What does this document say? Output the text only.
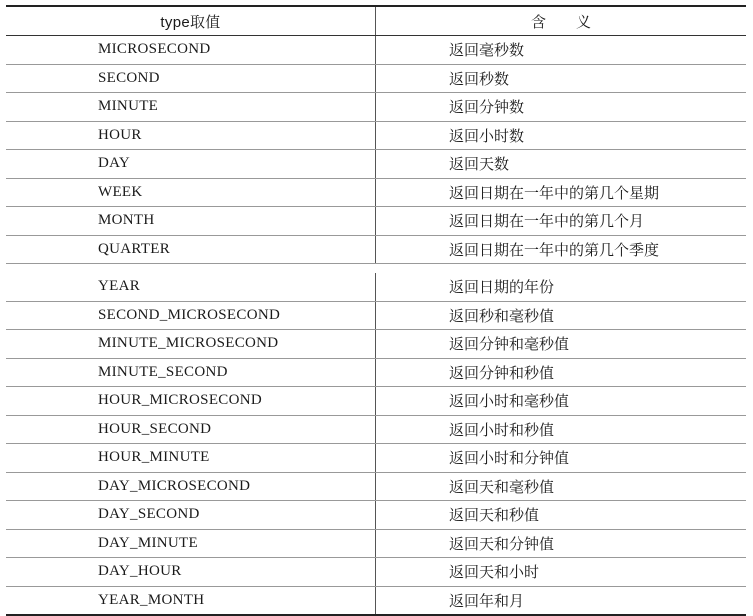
type取值	含　　义
MICROSECOND	返回毫秒数
SECOND	返回秒数
MINUTE	返回分钟数
HOUR	返回小时数
DAY	返回天数
WEEK	返回日期在一年中的第几个星期
MONTH	返回日期在一年中的第几个月
QUARTER	返回日期在一年中的第几个季度
YEAR	返回日期的年份
SECOND_MICROSECOND	返回秒和毫秒值
MINUTE_MICROSECOND	返回分钟和毫秒值
MINUTE_SECOND	返回分钟和秒值
HOUR_MICROSECOND	返回小时和毫秒值
HOUR_SECOND	返回小时和秒值
HOUR_MINUTE	返回小时和分钟值
DAY_MICROSECOND	返回天和毫秒值
DAY_SECOND	返回天和秒值
DAY_MINUTE	返回天和分钟值
DAY_HOUR	返回天和小时
YEAR_MONTH	返回年和月
